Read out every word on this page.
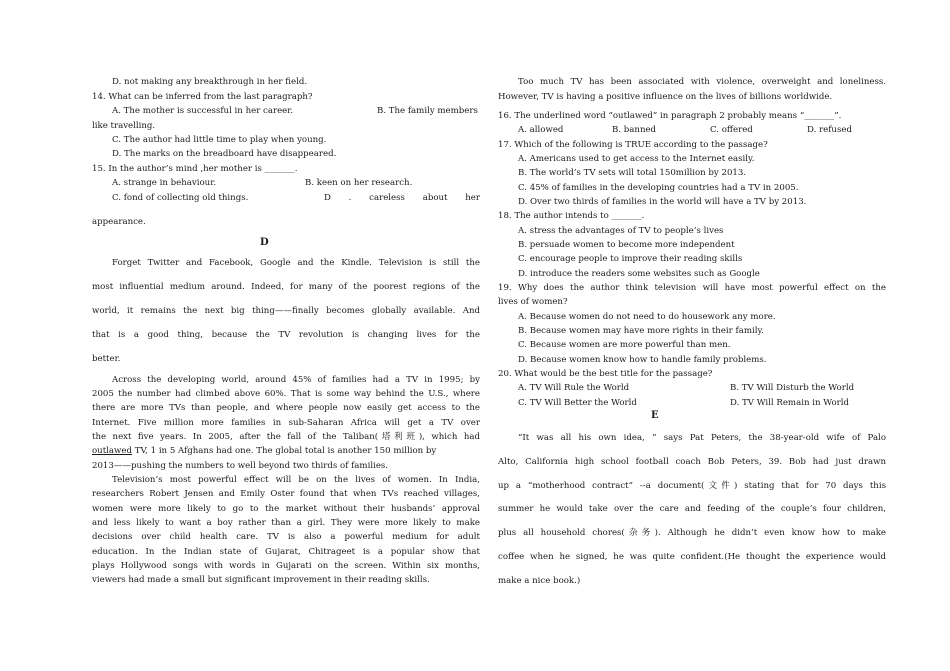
D. not making any breakthrough in her field.
14. What can be inferred from the last paragraph?
A. The mother is successful in her career.	B. The family members
like travelling.
C. The author had little time to play when young.
D. The marks on the breadboard have disappeared.
15. In the author’s mind ,her mother is _______.
A. strange in behaviour.	B. keen on her research.
C. fond of collecting old things.	D . careless about her
appearance.
D
Forget Twitter and Facebook, Google and the Kindle. Television is still the
most influential medium around. Indeed, for many of the poorest regions of the
world, it remains the next big thing——finally becomes globally available. And
that is a good thing, because the TV revolution is changing lives for the
better.
Across the developing world, around 45% of families had a TV in 1995; by
2005 the number had climbed above 60%. That is some way behind the U.S., where
there are more TVs than people, and where people now easily get access to the
Internet. Five million more families in sub-Saharan Africa will get a TV over
the next five years. In 2005, after the fall of the Taliban(塔利班), which had
outlawed TV, 1 in 5 Afghans had one. The global total is another 150 million by
2013——pushing the numbers to well beyond two thirds of families.
Television’s most powerful effect will be on the lives of women. In India,
researchers Robert Jensen and Emily Oster found that when TVs reached villages,
women were more likely to go to the market without their husbands’ approval
and less likely to want a boy rather than a girl. They were more likely to make
decisions over child health care. TV is also a powerful medium for adult
education. In the Indian state of Gujarat, Chitrageet is a popular show that
plays Hollywood songs with words in Gujarati on the screen. Within six months,
viewers had made a small but significant improvement in their reading skills.
Too much TV has been associated with violence, overweight and loneliness.
However, TV is having a positive influence on the lives of billions worldwide.
16. The underlined word “outlawed” in paragraph 2 probably means “_______”.
A. allowed	B. banned	C. offered	D. refused
17. Which of the following is TRUE according to the passage?
A. Americans used to get access to the Internet easily.
B. The world’s TV sets will total 150million by 2013.
C. 45% of families in the developing countries had a TV in 2005.
D. Over two thirds of families in the world will have a TV by 2013.
18. The author intends to _______.
A. stress the advantages of TV to people’s lives
B. persuade women to become more independent
C. encourage people to improve their reading skills
D. introduce the readers some websites such as Google
19. Why does the author think television will have most powerful effect on the
lives of women?
A. Because women do not need to do housework any more.
B. Because women may have more rights in their family.
C. Because women are more powerful than men.
D. Because women know how to handle family problems.
20. What would be the best title for the passage?
A. TV Will Rule the World	B. TV Will Disturb the World
C. TV Will Better the World	D. TV Will Remain in World
E
“It was all his own idea, ” says Pat Peters, the 38-year-old wife of Palo
Alto, California high school football coach Bob Peters, 39. Bob had just drawn
up a “motherhood contract” --a document(文件) stating that for 70 days this
summer he would take over the care and feeding of the couple’s four children,
plus all household chores(杂务). Although he didn’t even know how to make
coffee when he signed, he was quite confident.(He thought the experience would
make a nice book.)
